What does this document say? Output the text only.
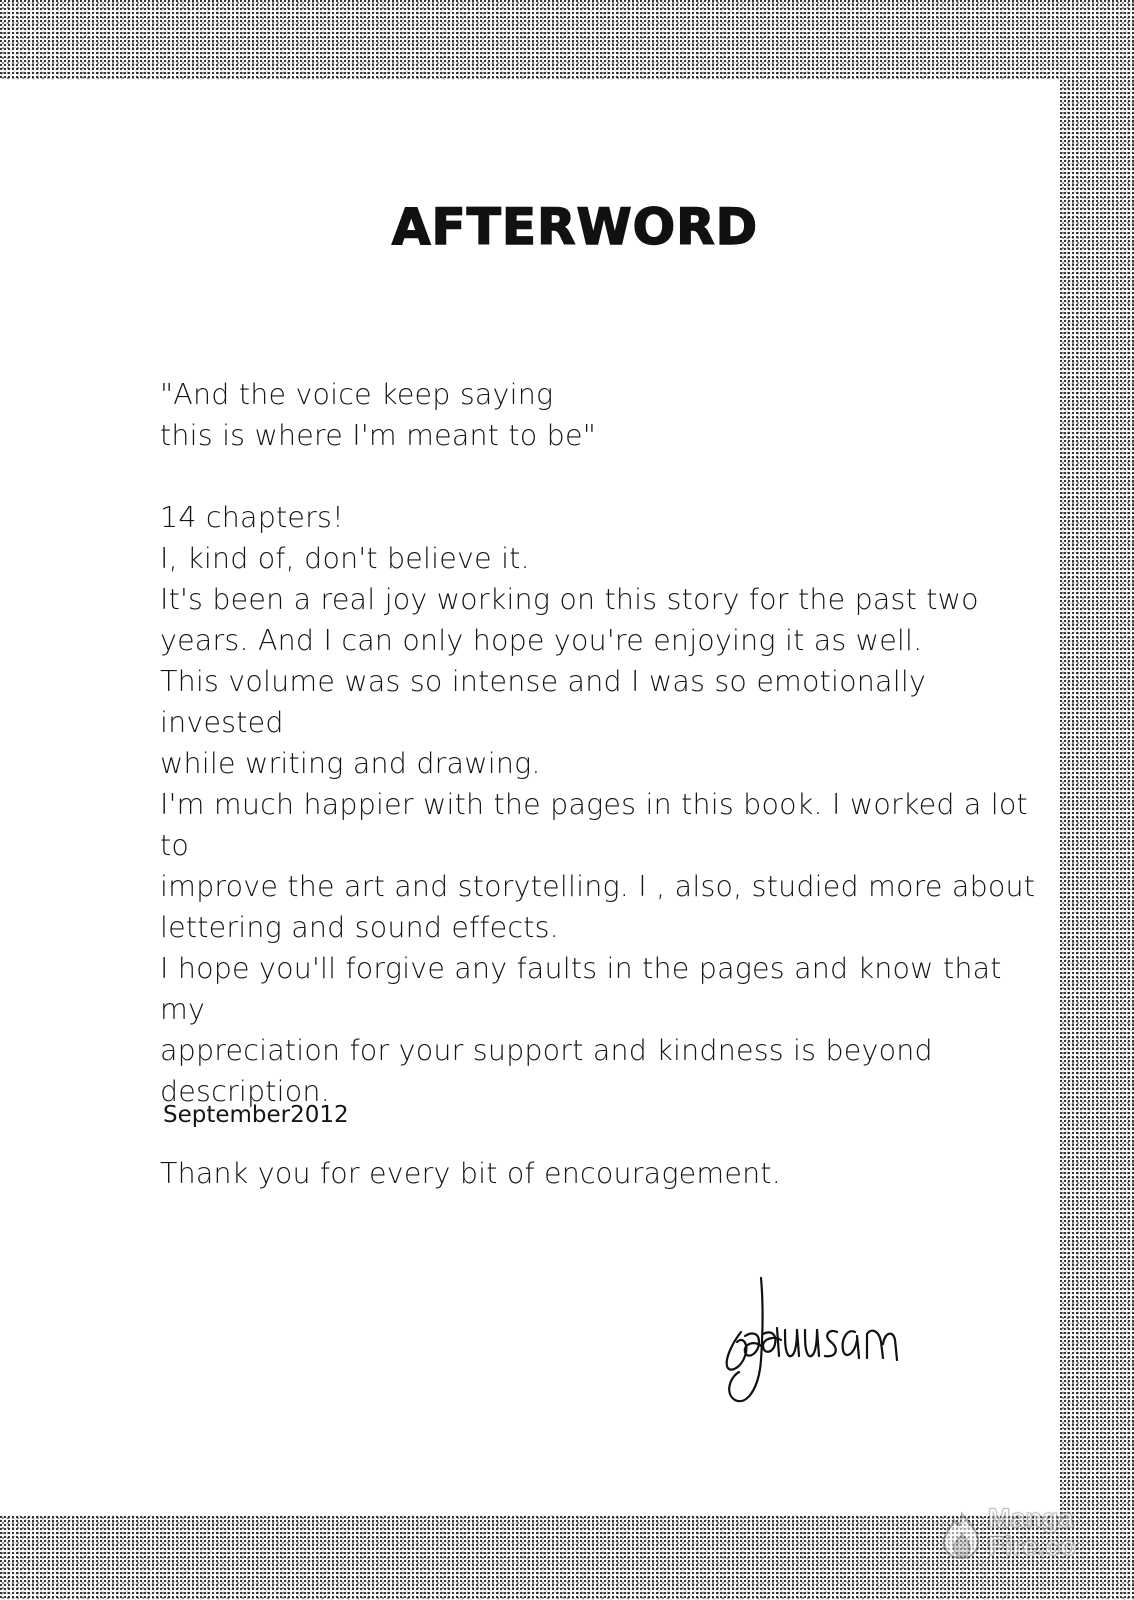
AFTERWORD

"And the voice keep saying

this is where I'm meant to be"

14 chapters!

I, kind of, don't believe it.

It's been a real joy working on this story for the past two

years. And I can only hope you're enjoying it as well.

This volume was so intense and I was so emotionally invested

while writing and drawing.

I'm much happier with the pages in this book. I worked a lot to

improve the art and storytelling. I , also, studied more about

lettering and sound effects.

I hope you'll forgive any faults in the pages and know that my

appreciation for your support and kindness is beyond

description.

Thank you for every bit of encouragement.

September2012
Manga
Fire.co
